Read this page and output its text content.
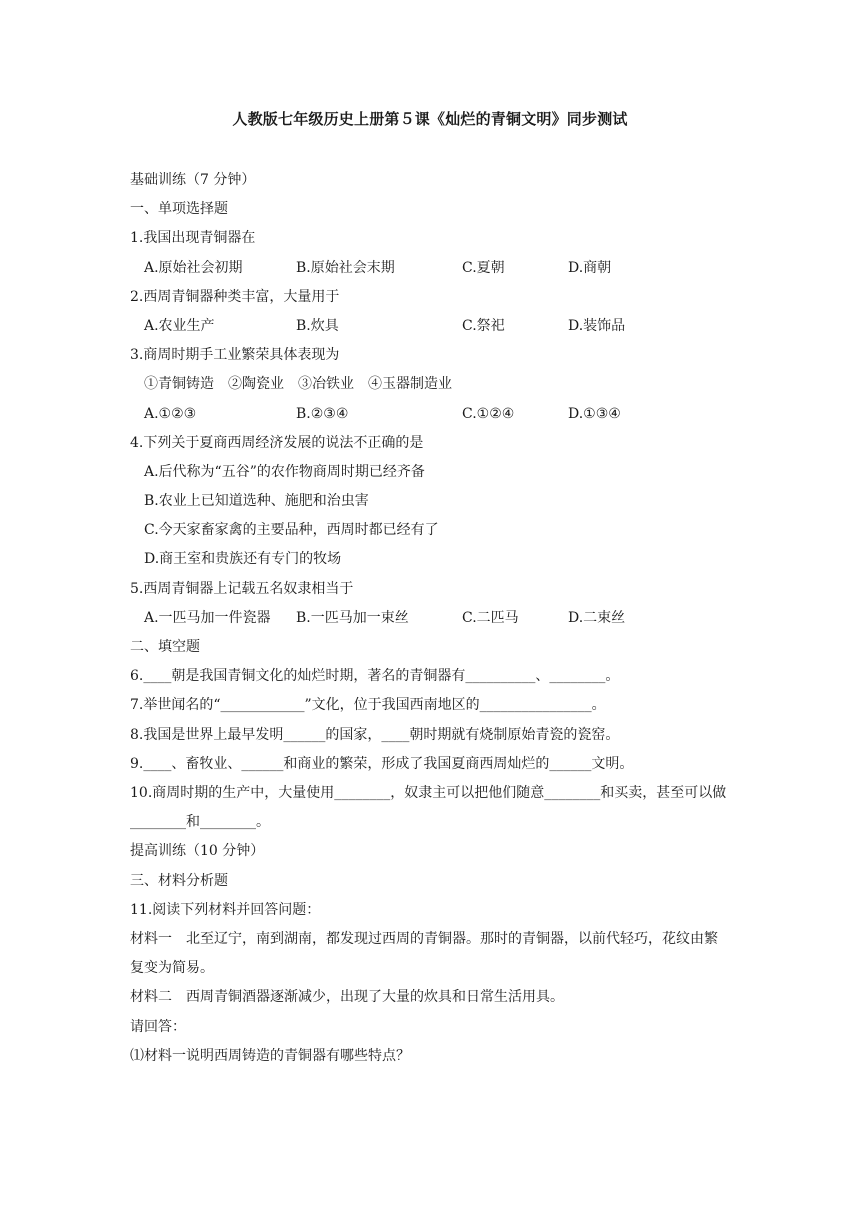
人教版七年级历史上册第５课《灿烂的青铜文明》同步测试
基础训练（7 分钟）
一、单项选择题
1.我国出现青铜器在
A.原始社会初期	B.原始社会末期	C.夏朝	D.商朝
2.西周青铜器种类丰富，大量用于
A.农业生产	B.炊具	C.祭祀	D.装饰品
3.商周时期手工业繁荣具体表现为
①青铜铸造　②陶瓷业　③冶铁业　④玉器制造业
A.①②③	B.②③④	C.①②④	D.①③④
4.下列关于夏商西周经济发展的说法不正确的是
A.后代称为“五谷”的农作物商周时期已经齐备
B.农业上已知道选种、施肥和治虫害
C.今天家畜家禽的主要品种，西周时都已经有了
D.商王室和贵族还有专门的牧场
5.西周青铜器上记载五名奴隶相当于
A.一匹马加一件瓷器 B.一匹马加一束丝	C.二匹马	D.二束丝
二、填空题
6.____朝是我国青铜文化的灿烂时期，著名的青铜器有__________、________。
7.举世闻名的“____________”文化，位于我国西南地区的________________。
8.我国是世界上最早发明______的国家，____朝时期就有烧制原始青瓷的瓷窑。
9.____、畜牧业、______和商业的繁荣，形成了我国夏商西周灿烂的______文明。
10.商周时期的生产中，大量使用________，奴隶主可以把他们随意________和买卖，甚至可以做________和________。
提高训练（10 分钟）
三、材料分析题
11.阅读下列材料并回答问题：
材料一　北至辽宁，南到湖南，都发现过西周的青铜器。那时的青铜器，以前代轻巧，花纹由繁复变为简易。
材料二　西周青铜酒器逐渐减少，出现了大量的炊具和日常生活用具。
请回答：
⑴材料一说明西周铸造的青铜器有哪些特点？
